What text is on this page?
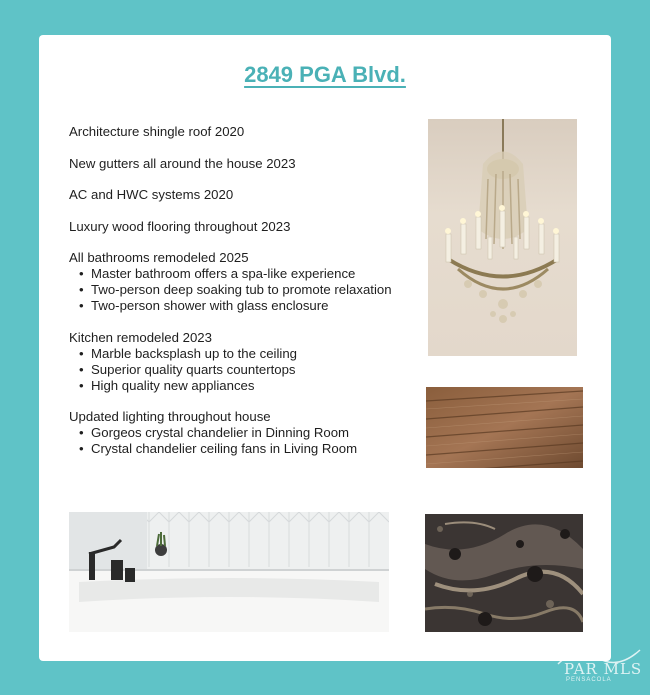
2849 PGA Blvd.
Architecture shingle roof 2020
New gutters all around the house 2023
AC and HWC systems 2020
Luxury wood flooring throughout 2023
All bathrooms remodeled 2025
• Master bathroom offers a spa-like experience
• Two-person deep soaking tub to promote relaxation
• Two-person shower with glass enclosure
Kitchen remodeled 2023
• Marble backsplash up to the ceiling
• Superior quality quarts countertops
• High quality new appliances
Updated lighting throughout house
• Gorgeos crystal chandelier in Dinning Room
• Crystal chandelier ceiling fans in Living Room
PAR MLS
PENSACOLA
